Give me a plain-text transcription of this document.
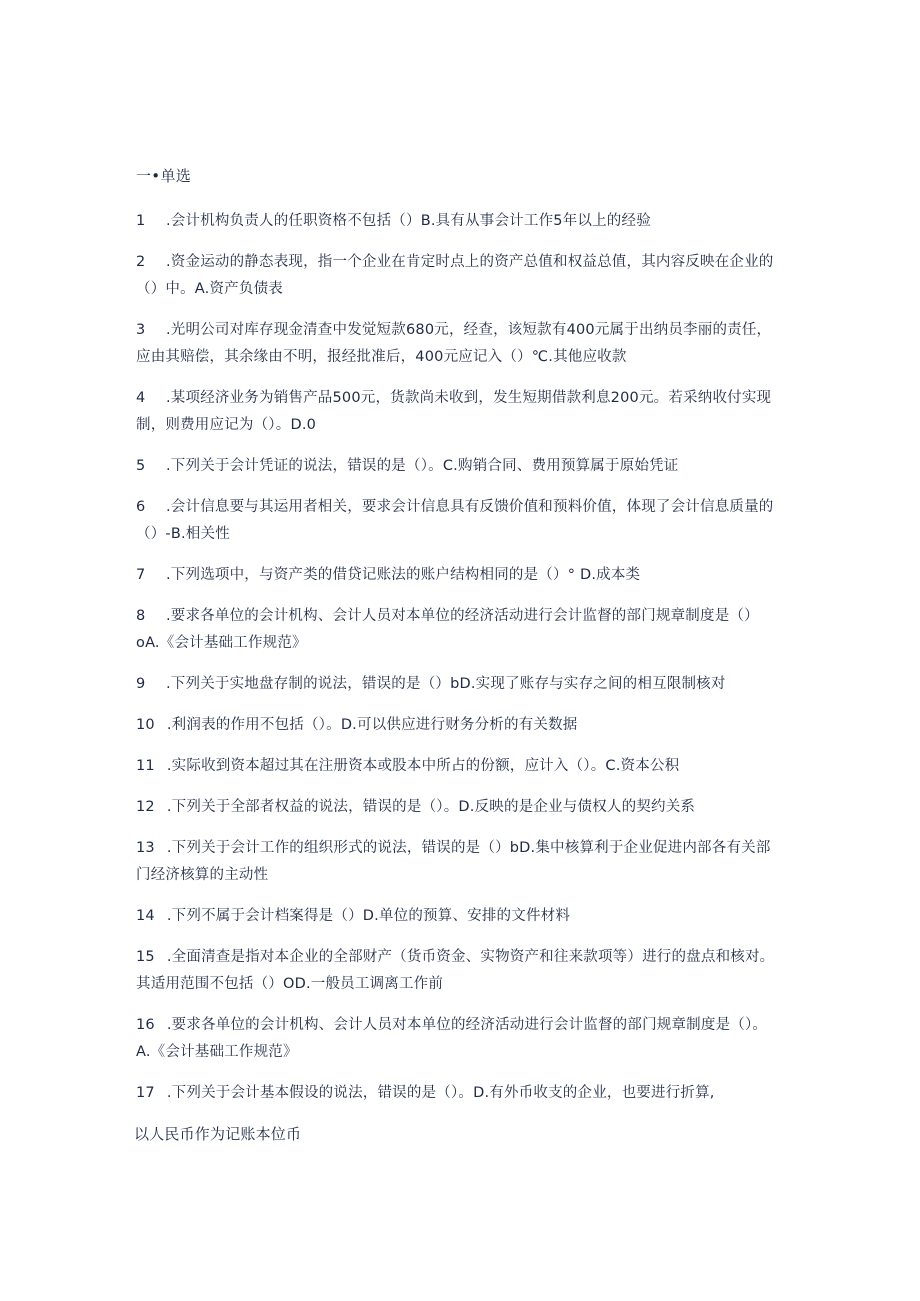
一•单选
1 .会计机构负责人的任职资格不包括（）B.具有从事会计工作5年以上的经验
2 .资金运动的静态表现，指一个企业在肯定时点上的资产总值和权益总值，其内容反映在企业的（）中。A.资产负债表
3 .光明公司对库存现金清查中发觉短款680元，经查，该短款有400元属于出纳员李丽的责任，应由其赔偿，其余缘由不明，报经批准后，400元应记入（）℃.其他应收款
4 .某项经济业务为销售产品500元，货款尚未收到，发生短期借款利息200元。若采纳收付实现制，则费用应记为（）。D.0
5 .下列关于会计凭证的说法，错误的是（）。C.购销合同、费用预算属于原始凭证
6 .会计信息要与其运用者相关，要求会计信息具有反馈价值和预料价值，体现了会计信息质量的（）-B.相关性
7 .下列选项中，与资产类的借贷记账法的账户结构相同的是（）° D.成本类
8 .要求各单位的会计机构、会计人员对本单位的经济活动进行会计监督的部门规章制度是（）oA.《会计基础工作规范》
9 .下列关于实地盘存制的说法，错误的是（）bD.实现了账存与实存之间的相互限制核对
10 .利润表的作用不包括（）。D.可以供应进行财务分析的有关数据
11 .实际收到资本超过其在注册资本或股本中所占的份额，应计入（）。C.资本公积
12 .下列关于全部者权益的说法，错误的是（）。D.反映的是企业与债权人的契约关系
13 .下列关于会计工作的组织形式的说法，错误的是（）bD.集中核算利于企业促进内部各有关部门经济核算的主动性
14 .下列不属于会计档案得是（）D.单位的预算、安排的文件材料
15 .全面清查是指对本企业的全部财产（货币资金、实物资产和往来款项等）进行的盘点和核对。其适用范围不包括（）OD.一般员工调离工作前
16 .要求各单位的会计机构、会计人员对本单位的经济活动进行会计监督的部门规章制度是（）。A.《会计基础工作规范》
17 .下列关于会计基本假设的说法，错误的是（）。D.有外币收支的企业，也要进行折算,
以人民币作为记账本位币
